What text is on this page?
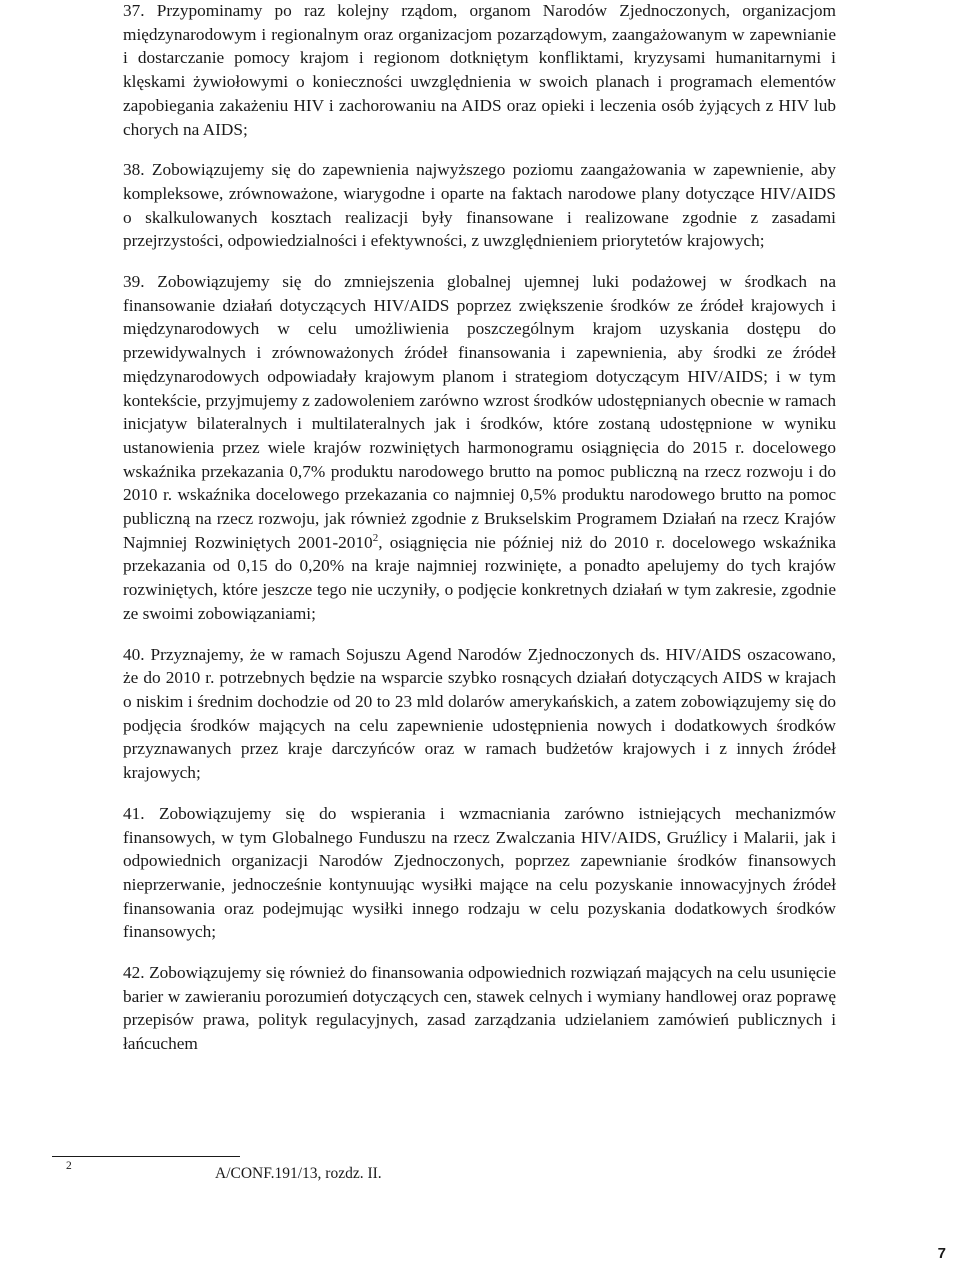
37. Przypominamy po raz kolejny rządom, organom Narodów Zjednoczonych, organizacjom międzynarodowym i regionalnym oraz organizacjom pozarządowym, zaangażowanym w zapewnianie i dostarczanie pomocy krajom i regionom dotkniętym konfliktami, kryzysami humanitarnymi i klęskami żywiołowymi o konieczności uwzględnienia w swoich planach i programach elementów zapobiegania zakażeniu HIV i zachorowaniu na AIDS oraz opieki i leczenia osób żyjących z HIV lub chorych na AIDS;

38. Zobowiązujemy się do zapewnienia najwyższego poziomu zaangażowania w zapewnienie, aby kompleksowe, zrównoważone, wiarygodne i oparte na faktach narodowe plany dotyczące HIV/AIDS o skalkulowanych kosztach realizacji były finansowane i realizowane zgodnie z zasadami przejrzystości, odpowiedzialności i efektywności, z uwzględnieniem priorytetów krajowych;

39. Zobowiązujemy się do zmniejszenia globalnej ujemnej luki podażowej w środkach na finansowanie działań dotyczących HIV/AIDS poprzez zwiększenie środków ze źródeł krajowych i międzynarodowych w celu umożliwienia poszczególnym krajom uzyskania dostępu do przewidywalnych i zrównoważonych źródeł finansowania i zapewnienia, aby środki ze źródeł międzynarodowych odpowiadały krajowym planom i strategiom dotyczącym HIV/AIDS; i w tym kontekście, przyjmujemy z zadowoleniem zarówno wzrost środków udostępnianych obecnie w ramach inicjatyw bilateralnych i multilateralnych jak i środków, które zostaną udostępnione w wyniku ustanowienia przez wiele krajów rozwiniętych harmonogramu osiągnięcia do 2015 r. docelowego wskaźnika przekazania 0,7% produktu narodowego brutto na pomoc publiczną na rzecz rozwoju i do 2010 r. wskaźnika docelowego przekazania co najmniej 0,5% produktu narodowego brutto na pomoc publiczną na rzecz rozwoju, jak również zgodnie z Brukselskim Programem Działań na rzecz Krajów Najmniej Rozwiniętych 2001-2010$^2$, osiągnięcia nie później niż do 2010 r. docelowego wskaźnika przekazania od 0,15 do 0,20% na kraje najmniej rozwinięte, a ponadto apelujemy do tych krajów rozwiniętych, które jeszcze tego nie uczyniły, o podjęcie konkretnych działań w tym zakresie, zgodnie ze swoimi zobowiązaniami;

40. Przyznajemy, że w ramach Sojuszu Agend Narodów Zjednoczonych ds. HIV/AIDS oszacowano, że do 2010 r. potrzebnych będzie na wsparcie szybko rosnących działań dotyczących AIDS w krajach o niskim i średnim dochodzie od 20 to 23 mld dolarów amerykańskich, a zatem zobowiązujemy się do podjęcia środków mających na celu zapewnienie udostępnienia nowych i dodatkowych środków przyznawanych przez kraje darczyńców oraz w ramach budżetów krajowych i z innych źródeł krajowych;

41. Zobowiązujemy się do wspierania i wzmacniania zarówno istniejących mechanizmów finansowych, w tym Globalnego Funduszu na rzecz Zwalczania HIV/AIDS, Gruźlicy i Malarii, jak i odpowiednich organizacji Narodów Zjednoczonych, poprzez zapewnianie środków finansowych nieprzerwanie, jednocześnie kontynuując wysiłki mające na celu pozyskanie innowacyjnych źródeł finansowania oraz podejmując wysiłki innego rodzaju w celu pozyskania dodatkowych środków finansowych;

42. Zobowiązujemy się również do finansowania odpowiednich rozwiązań mających na celu usunięcie barier w zawieraniu porozumień dotyczących cen, stawek celnych i wymiany handlowej oraz poprawę przepisów prawa, polityk regulacyjnych, zasad zarządzania udzielaniem zamówień publicznych i łańcuchem

2	A/CONF.191/13, rozdz. II.
7
